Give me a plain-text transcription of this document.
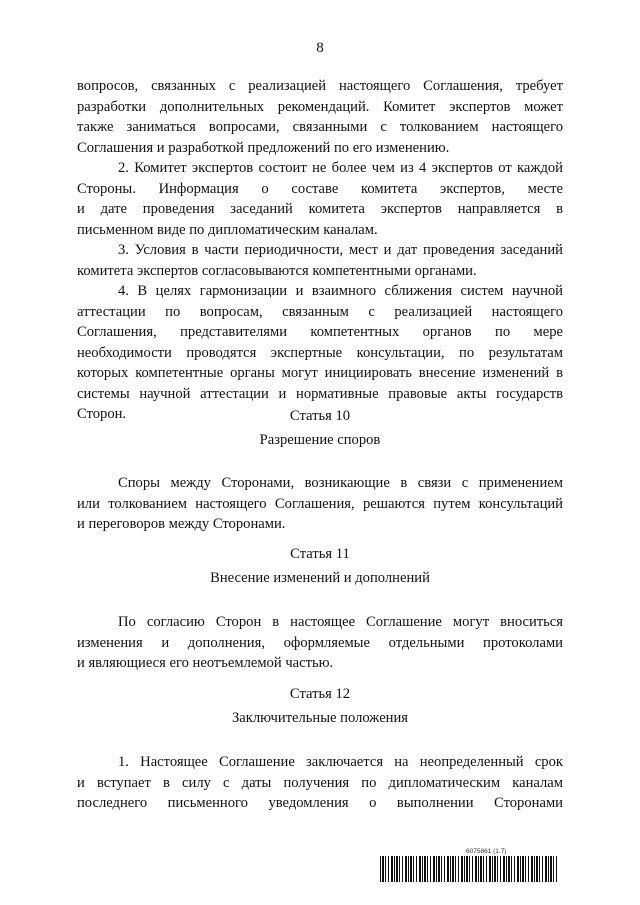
8
вопросов, связанных с реализацией настоящего Соглашения, требует
разработки дополнительных рекомендаций. Комитет экспертов может
также заниматься вопросами, связанными с толкованием настоящего
Соглашения и разработкой предложений по его изменению.
2. Комитет экспертов состоит не более чем из 4 экспертов от каждой
Стороны. Информация о составе комитета экспертов, месте
и дате проведения заседаний комитета экспертов направляется в
письменном виде по дипломатическим каналам.
3. Условия в части периодичности, мест и дат проведения заседаний
комитета экспертов согласовываются компетентными органами.
4. В целях гармонизации и взаимного сближения систем научной
аттестации по вопросам, связанным с реализацией настоящего
Соглашения, представителями компетентных органов по мере
необходимости проводятся экспертные консультации, по результатам
которых компетентные органы могут инициировать внесение изменений в
системы научной аттестации и нормативные правовые акты государств
Сторон.	Статья 10
Разрешение споров
Споры между Сторонами, возникающие в связи с применением
или толкованием настоящего Соглашения, решаются путем консультаций
и переговоров между Сторонами.
Статья 11
Внесение изменений и дополнений
По согласию Сторон в настоящее Соглашение могут вноситься
изменения и дополнения, оформляемые отдельными протоколами
и являющиеся его неотъемлемой частью.
Статья 12
Заключительные положения
1. Настоящее Соглашение заключается на неопределенный срок
и вступает в силу с даты получения по дипломатическим каналам
последнего письменного уведомления о выполнении Сторонами
6075861 (1.7)
